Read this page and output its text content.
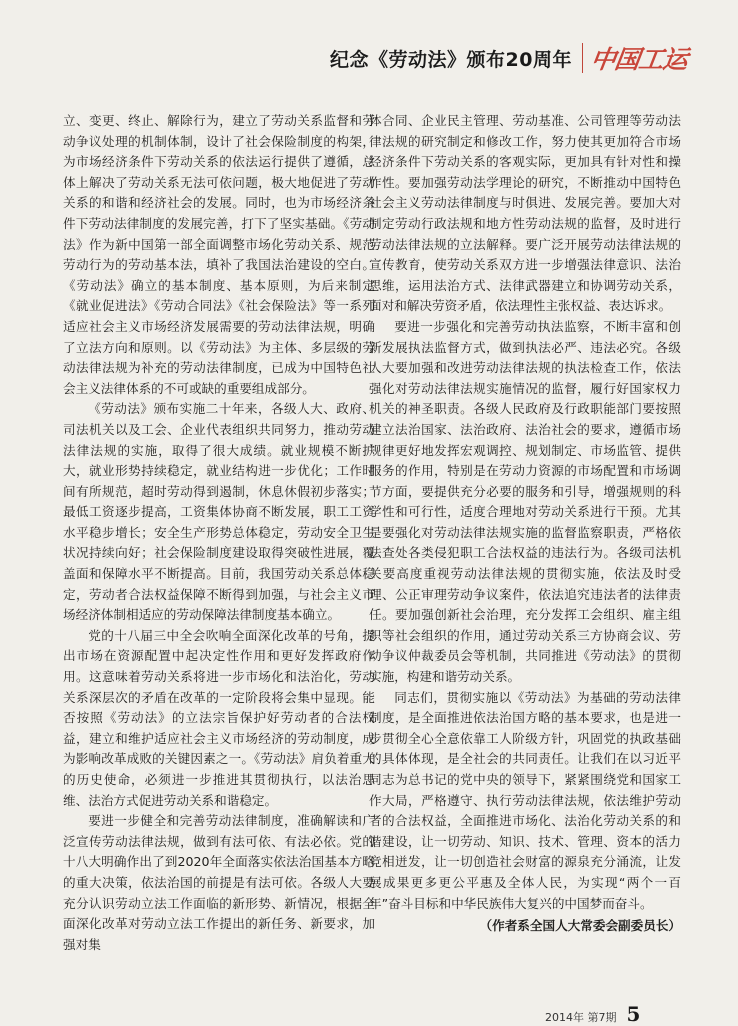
纪念《劳动法》颁布20周年 中国工运

立、变更、终止、解除行为，建立了劳动关系监督和劳动争议处理的机制体制，设计了社会保险制度的构架，为市场经济条件下劳动关系的依法运行提供了遵循，总体上解决了劳动关系无法可依问题，极大地促进了劳动关系的和谐和经济社会的发展。同时，也为市场经济条件下劳动法律制度的发展完善，打下了坚实基础。《劳动法》作为新中国第一部全面调整市场化劳动关系、规范劳动行为的劳动基本法，填补了我国法治建设的空白。《劳动法》确立的基本制度、基本原则，为后来制定《就业促进法》《劳动合同法》《社会保险法》等一系列适应社会主义市场经济发展需要的劳动法律法规，明确了立法方向和原则。以《劳动法》为主体、多层级的劳动法律法规为补充的劳动法律制度，已成为中国特色社会主义法律体系的不可或缺的重要组成部分。

《劳动法》颁布实施二十年来，各级人大、政府、司法机关以及工会、企业代表组织共同努力，推动劳动法律法规的实施，取得了很大成绩。就业规模不断扩大，就业形势持续稳定，就业结构进一步优化；工作时间有所规范，超时劳动得到遏制，休息休假初步落实；最低工资逐步提高，工资集体协商不断发展，职工工资水平稳步增长；安全生产形势总体稳定，劳动安全卫生状况持续向好；社会保险制度建设取得突破性进展，覆盖面和保障水平不断提高。目前，我国劳动关系总体稳定，劳动者合法权益保障不断得到加强，与社会主义市场经济体制相适应的劳动保障法律制度基本确立。

党的十八届三中全会吹响全面深化改革的号角，提出市场在资源配置中起决定性作用和更好发挥政府作用。这意味着劳动关系将进一步市场化和法治化，劳动关系深层次的矛盾在改革的一定阶段将会集中显现。能否按照《劳动法》的立法宗旨保护好劳动者的合法权益，建立和维护适应社会主义市场经济的劳动制度，成为影响改革成败的关键因素之一。《劳动法》肩负着重大的历史使命，必须进一步推进其贯彻执行，以法治思维、法治方式促进劳动关系和谐稳定。

要进一步健全和完善劳动法律制度，准确解读和广泛宣传劳动法律法规，做到有法可依、有法必依。党的十八大明确作出了到2020年全面落实依法治国基本方略的重大决策，依法治国的前提是有法可依。各级人大要充分认识劳动立法工作面临的新形势、新情况，根据全面深化改革对劳动立法工作提出的新任务、新要求，加强对集

体合同、企业民主管理、劳动基准、公司管理等劳动法律法规的研究制定和修改工作，努力使其更加符合市场经济条件下劳动关系的客观实际，更加具有针对性和操作性。要加强劳动法学理论的研究，不断推动中国特色社会主义劳动法律制度与时俱进、发展完善。要加大对制定劳动行政法规和地方性劳动法规的监督，及时进行劳动法律法规的立法解释。要广泛开展劳动法律法规的宣传教育，使劳动关系双方进一步增强法律意识、法治思维，运用法治方式、法律武器建立和协调劳动关系，面对和解决劳资矛盾，依法理性主张权益、表达诉求。

要进一步强化和完善劳动执法监察，不断丰富和创新发展执法监督方式，做到执法必严、违法必究。各级人大要加强和改进劳动法律法规的执法检查工作，依法强化对劳动法律法规实施情况的监督，履行好国家权力机关的神圣职责。各级人民政府及行政职能部门要按照建立法治国家、法治政府、法治社会的要求，遵循市场规律更好地发挥宏观调控、规划制定、市场监管、提供服务的作用，特别是在劳动力资源的市场配置和市场调节方面，要提供充分必要的服务和引导，增强规则的科学性和可行性，适度合理地对劳动关系进行干预。尤其是要强化对劳动法律法规实施的监督监察职责，严格依法查处各类侵犯职工合法权益的违法行为。各级司法机关要高度重视劳动法律法规的贯彻实施，依法及时受理、公正审理劳动争议案件，依法追究违法者的法律责任。要加强创新社会治理，充分发挥工会组织、雇主组织等社会组织的作用，通过劳动关系三方协商会议、劳动争议仲裁委员会等机制，共同推进《劳动法》的贯彻实施，构建和谐劳动关系。

同志们，贯彻实施以《劳动法》为基础的劳动法律制度，是全面推进依法治国方略的基本要求，也是进一步贯彻全心全意依靠工人阶级方针，巩固党的执政基础的具体体现，是全社会的共同责任。让我们在以习近平同志为总书记的党中央的领导下，紧紧围绕党和国家工作大局，严格遵守、执行劳动法律法规，依法维护劳动者的合法权益，全面推进市场化、法治化劳动关系的和谐建设，让一切劳动、知识、技术、管理、资本的活力竞相迸发，让一切创造社会财富的源泉充分涌流，让发展成果更多更公平惠及全体人民，为实现“两个一百年”奋斗目标和中华民族伟大复兴的中国梦而奋斗。

（作者系全国人大常委会副委员长）

2014年 第7期 5
